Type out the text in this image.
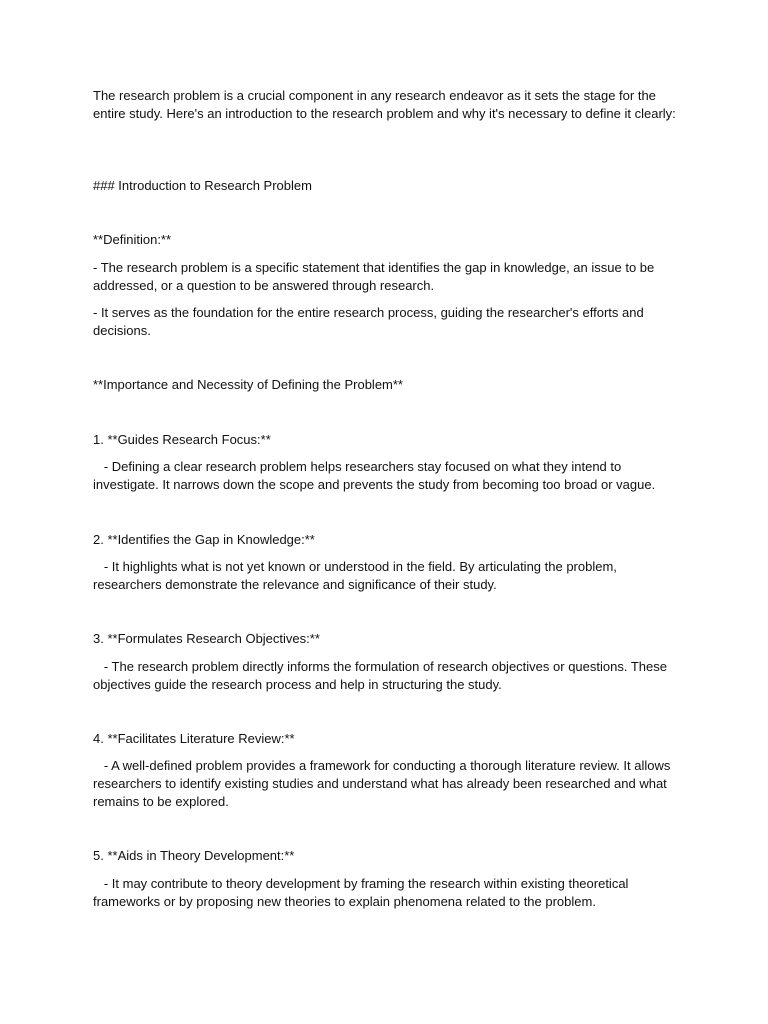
The research problem is a crucial component in any research endeavor as it sets the stage for the entire study. Here's an introduction to the research problem and why it's necessary to define it clearly:

### Introduction to Research Problem

**Definition:**

- The research problem is a specific statement that identifies the gap in knowledge, an issue to be addressed, or a question to be answered through research.

- It serves as the foundation for the entire research process, guiding the researcher's efforts and decisions.

**Importance and Necessity of Defining the Problem**

1. **Guides Research Focus:**

- Defining a clear research problem helps researchers stay focused on what they intend to investigate. It narrows down the scope and prevents the study from becoming too broad or vague.

2. **Identifies the Gap in Knowledge:**

- It highlights what is not yet known or understood in the field. By articulating the problem, researchers demonstrate the relevance and significance of their study.

3. **Formulates Research Objectives:**

- The research problem directly informs the formulation of research objectives or questions. These objectives guide the research process and help in structuring the study.

4. **Facilitates Literature Review:**

- A well-defined problem provides a framework for conducting a thorough literature review. It allows researchers to identify existing studies and understand what has already been researched and what remains to be explored.

5. **Aids in Theory Development:**

- It may contribute to theory development by framing the research within existing theoretical frameworks or by proposing new theories to explain phenomena related to the problem.
